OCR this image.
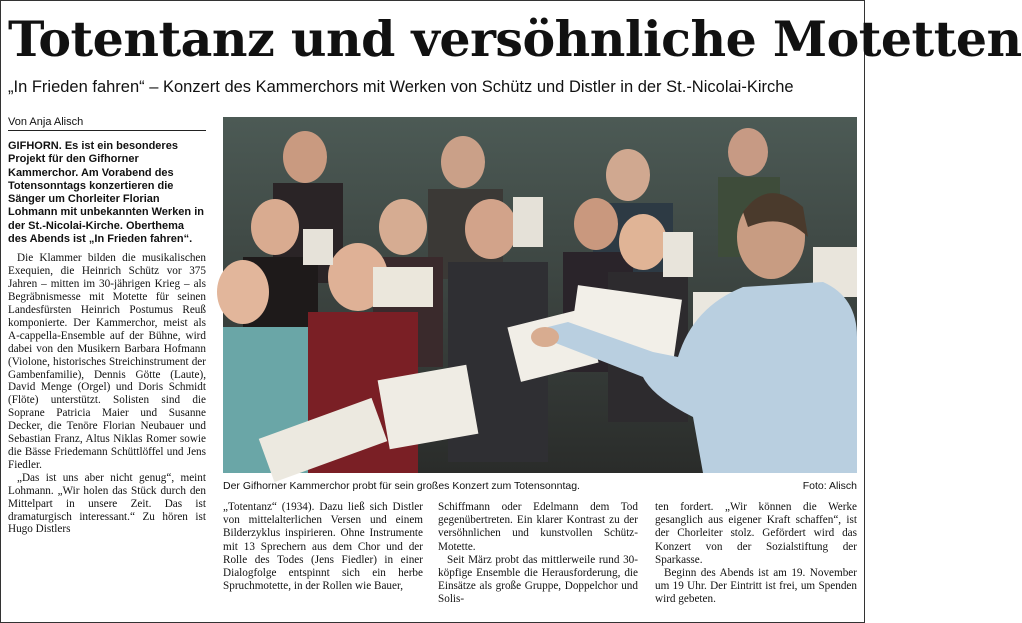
Totentanz und versöhnliche Motetten
„In Frieden fahren“ – Konzert des Kammerchors mit Werken von Schütz und Distler in der St.-Nicolai-Kirche
Von Anja Alisch

GIFHORN. Es ist ein besonderes Projekt für den Gifhorner Kammerchor. Am Vorabend des Totensonntags konzertieren die Sänger um Chorleiter Florian Lohmann mit unbekannten Werken in der St.-Nicolai-Kirche. Oberthema des Abends ist „In Frieden fahren“.

Die Klammer bilden die musikalischen Exequien, die Heinrich Schütz vor 375 Jahren – mitten im 30-jährigen Krieg – als Begräbnismesse mit Motette für seinen Landesfürsten Heinrich Postumus Reuß komponierte. Der Kammerchor, meist als A-cappella-Ensemble auf der Bühne, wird dabei von den Musikern Barbara Hofmann (Violone, historisches Streichinstrument der Gambenfamilie), Dennis Götte (Laute), David Menge (Orgel) und Doris Schmidt (Flöte) unterstützt. Solisten sind die Soprane Patricia Maier und Susanne Decker, die Tenöre Florian Neubauer und Sebastian Franz, Altus Niklas Romer sowie die Bässe Friedemann Schüttlöffel und Jens Fiedler.

„Das ist uns aber nicht genug“, meint Lohmann. „Wir holen das Stück durch den Mittelpart in unsere Zeit. Das ist dramaturgisch interessant.“ Zu hören ist Hugo Distlers

Der Gifhorner Kammerchor probt für sein großes Konzert zum Totensonntag.	Foto: Alisch

„Totentanz“ (1934). Dazu ließ sich Distler von mittelalterlichen Versen und einem Bilderzyklus inspirieren. Ohne Instrumente mit 13 Sprechern aus dem Chor und der Rolle des Todes (Jens Fiedler) in einer Dialogfolge entspinnt sich ein herbe Spruchmotette, in der Rollen wie Bauer,

Schiffmann oder Edelmann dem Tod gegenübertreten. Ein klarer Kontrast zu der versöhnlichen und kunstvollen Schütz-Motette.

Seit März probt das mittlerweile rund 30-köpfige Ensemble die Herausforderung, die Einsätze als große Gruppe, Doppelchor und Solis-

ten fordert. „Wir können die Werke gesanglich aus eigener Kraft schaffen“, ist der Chorleiter stolz. Gefördert wird das Konzert von der Sozialstiftung der Sparkasse.

Beginn des Abends ist am 19. November um 19 Uhr. Der Eintritt ist frei, um Spenden wird gebeten.
